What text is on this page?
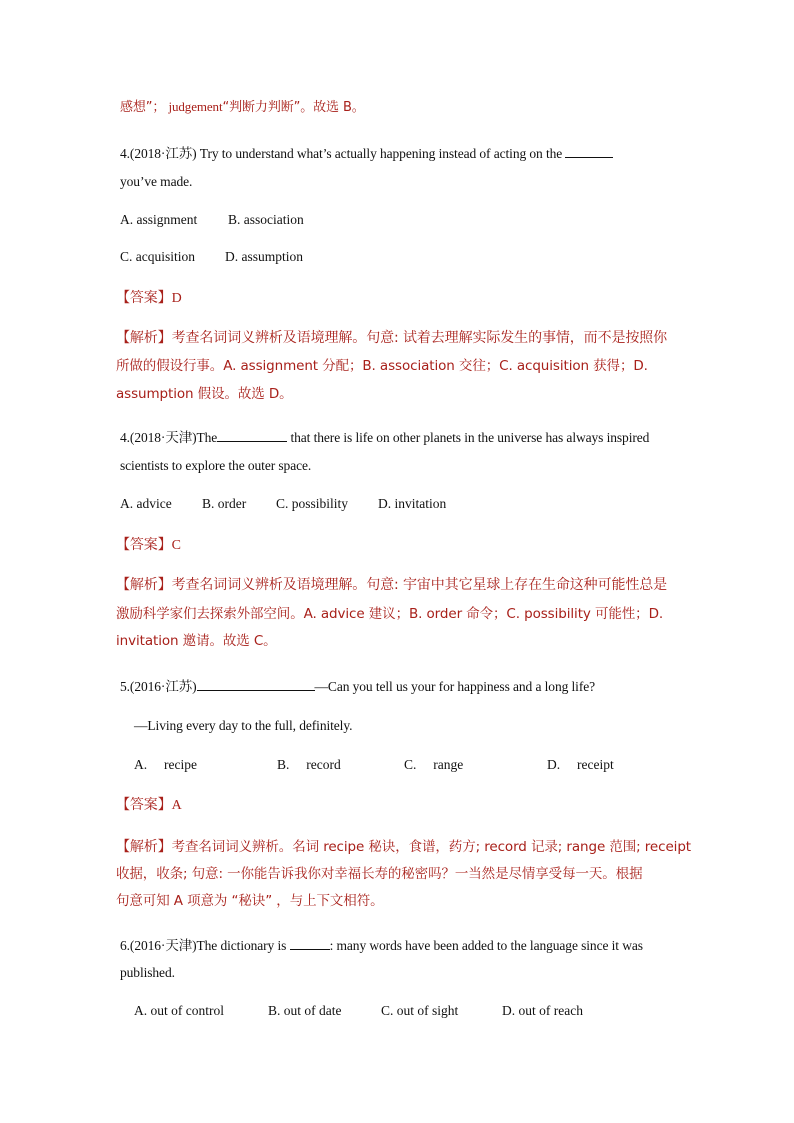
感想”； judgement“判断力判断”。故选 B。
4.(2018·江苏) Try to understand what’s actually happening instead of acting on the
you’ve made.
A. assignment B. association
C. acquisition D. assumption
【答案】D
【解析】考查名词词义辨析及语境理解。句意: 试着去理解实际发生的事情，而不是按照你
所做的假设行事。A. assignment 分配；B. association 交往；C. acquisition 获得；D.
assumption 假设。故选 D。
4.(2018·天津)The	that there is life on other planets in the universe has always inspired
scientists to explore the outer space.
A. advice B. order C. possibility D. invitation
【答案】C
【解析】考查名词词义辨析及语境理解。句意: 宇宙中其它星球上存在生命这种可能性总是
激励科学家们去探索外部空间。A. advice 建议；B. order 命令；C. possibility 可能性；D.
invitation 邀请。故选 C。
5.(2016·江苏)	—Can you tell us your for happiness and a long life?
—Living every day to the full, definitely.
A.     recipe	B.     record	C.     range	D.     receipt
【答案】A
【解析】考查名词词义辨析。名词 recipe 秘诀，食谱，药方; record 记录; range 范围; receipt
收据，收条; 句意: 一你能告诉我你对幸福长寿的秘密吗？一当然是尽情享受每一天。根据
句意可知 A 项意为 “秘诀” ，与上下文相符。
6.(2016·天津)The dictionary is	: many words have been added to the language since it was
published.
A. out of control	B. out of date	C. out of sight	D. out of reach
